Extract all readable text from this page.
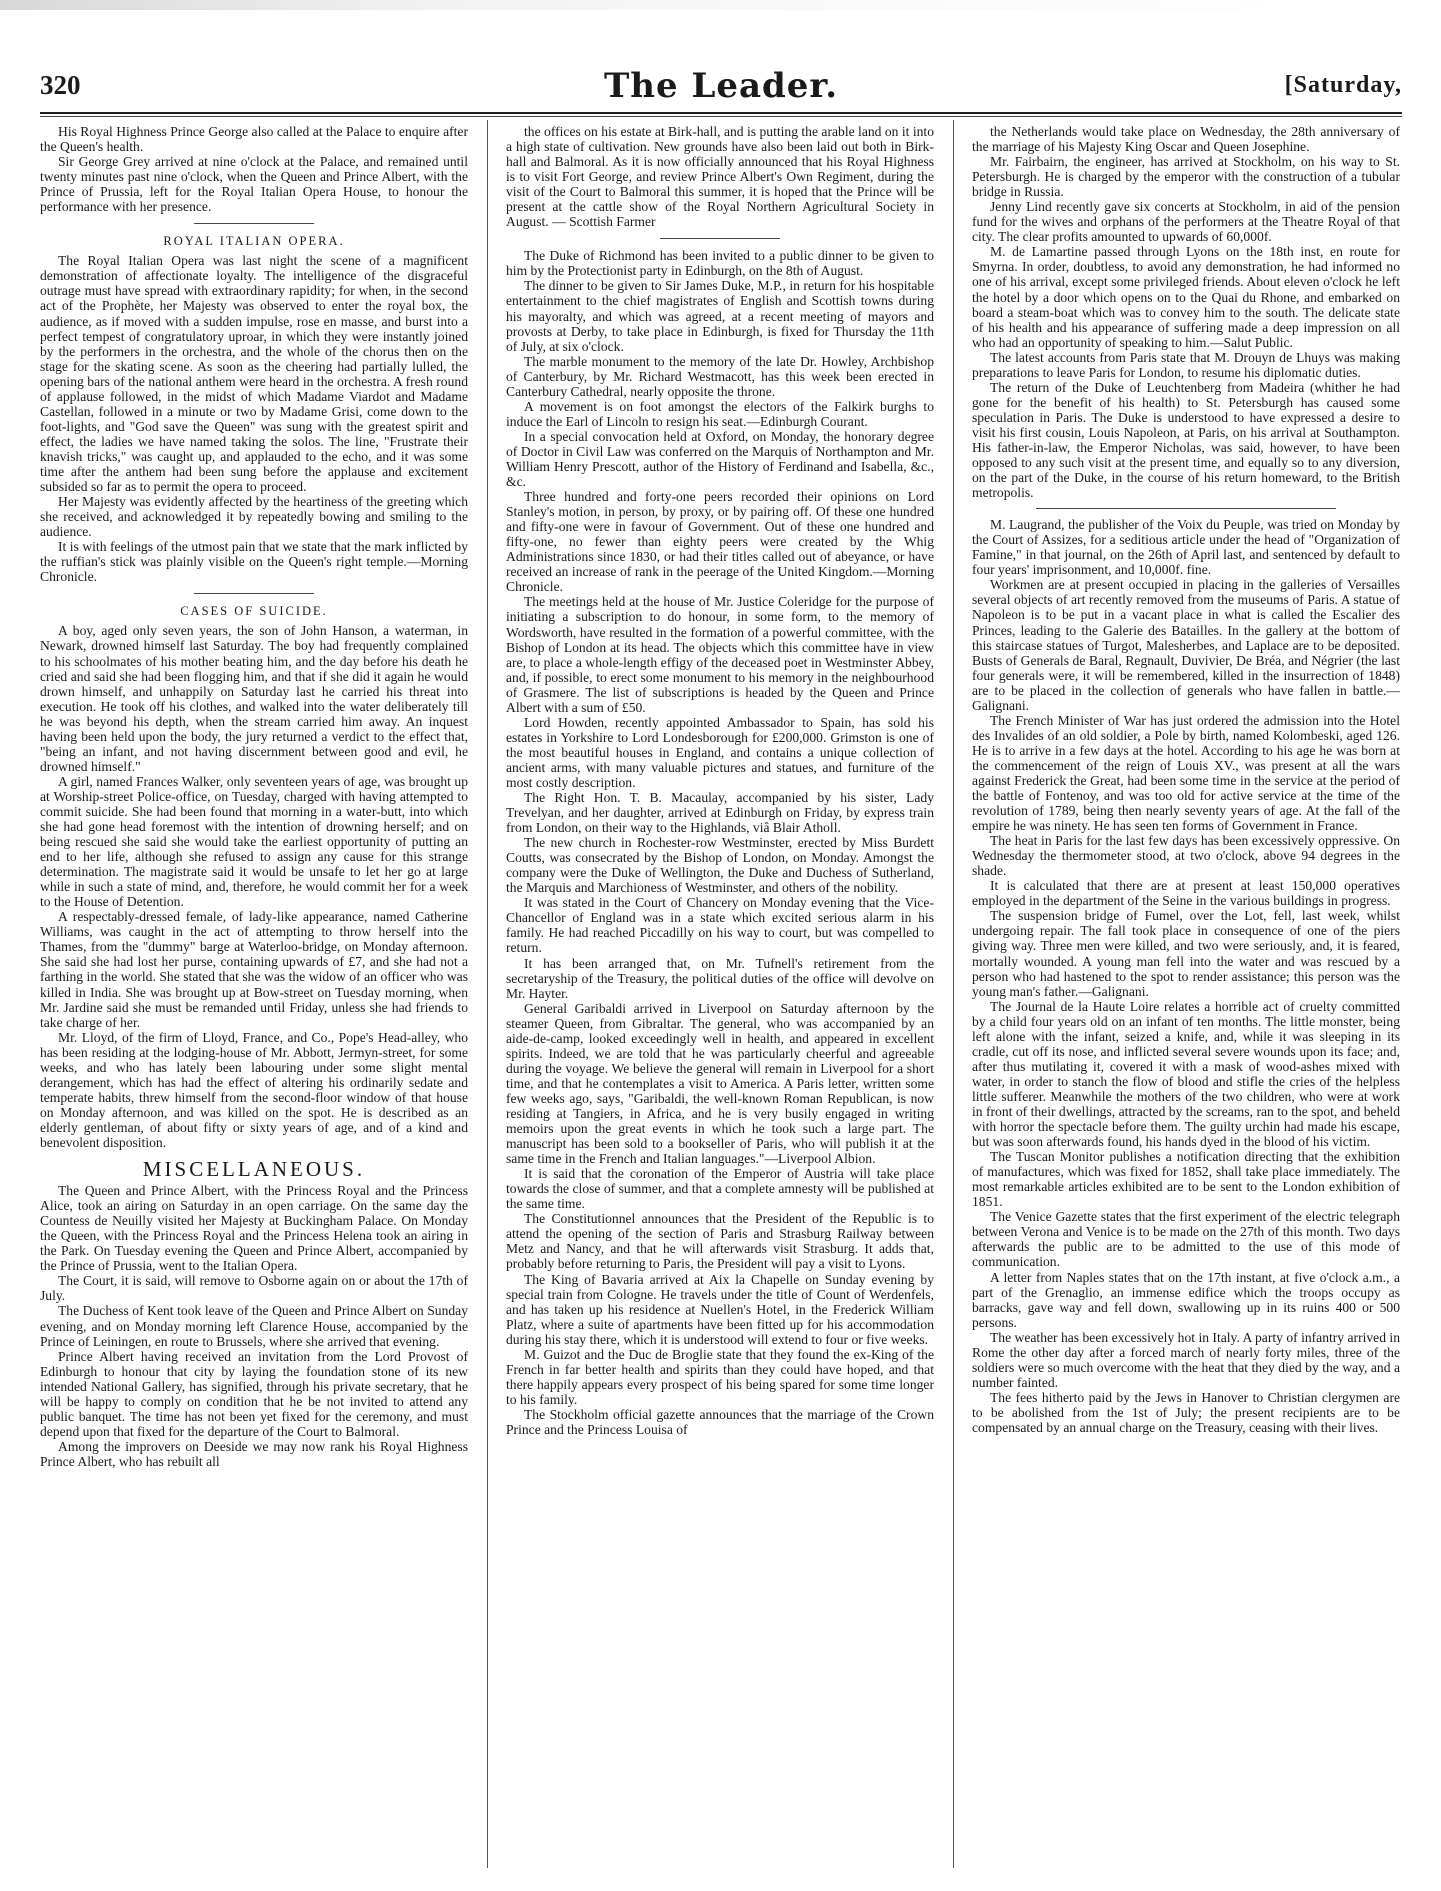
320	The Leader.	[Saturday,

His Royal Highness Prince George also called at the Palace to enquire after the Queen's health.

Sir George Grey arrived at nine o'clock at the Palace, and remained until twenty minutes past nine o'clock, when the Queen and Prince Albert, with the Prince of Prussia, left for the Royal Italian Opera House, to honour the performance with her presence.

ROYAL ITALIAN OPERA.

The Royal Italian Opera was last night the scene of a magnificent demonstration of affectionate loyalty. The intelligence of the disgraceful outrage must have spread with extraordinary rapidity; for when, in the second act of the Prophète, her Majesty was observed to enter the royal box, the audience, as if moved with a sudden impulse, rose en masse, and burst into a perfect tempest of congratulatory uproar, in which they were instantly joined by the performers in the orchestra, and the whole of the chorus then on the stage for the skating scene. As soon as the cheering had partially lulled, the opening bars of the national anthem were heard in the orchestra. A fresh round of applause followed, in the midst of which Madame Viardot and Madame Castellan, followed in a minute or two by Madame Grisi, come down to the foot-lights, and "God save the Queen" was sung with the greatest spirit and effect, the ladies we have named taking the solos. The line, "Frustrate their knavish tricks," was caught up, and applauded to the echo, and it was some time after the anthem had been sung before the applause and excitement subsided so far as to permit the opera to proceed.

Her Majesty was evidently affected by the heartiness of the greeting which she received, and acknowledged it by repeatedly bowing and smiling to the audience.

It is with feelings of the utmost pain that we state that the mark inflicted by the ruffian's stick was plainly visible on the Queen's right temple.—Morning Chronicle.

CASES OF SUICIDE.

A boy, aged only seven years, the son of John Hanson, a waterman, in Newark, drowned himself last Saturday. The boy had frequently complained to his schoolmates of his mother beating him, and the day before his death he cried and said she had been flogging him, and that if she did it again he would drown himself, and unhappily on Saturday last he carried his threat into execution. He took off his clothes, and walked into the water deliberately till he was beyond his depth, when the stream carried him away. An inquest having been held upon the body, the jury returned a verdict to the effect that, "being an infant, and not having discernment between good and evil, he drowned himself."

A girl, named Frances Walker, only seventeen years of age, was brought up at Worship-street Police-office, on Tuesday, charged with having attempted to commit suicide. She had been found that morning in a water-butt, into which she had gone head foremost with the intention of drowning herself; and on being rescued she said she would take the earliest opportunity of putting an end to her life, although she refused to assign any cause for this strange determination. The magistrate said it would be unsafe to let her go at large while in such a state of mind, and, therefore, he would commit her for a week to the House of Detention.

A respectably-dressed female, of lady-like appearance, named Catherine Williams, was caught in the act of attempting to throw herself into the Thames, from the "dummy" barge at Waterloo-bridge, on Monday afternoon. She said she had lost her purse, containing upwards of £7, and she had not a farthing in the world. She stated that she was the widow of an officer who was killed in India. She was brought up at Bow-street on Tuesday morning, when Mr. Jardine said she must be remanded until Friday, unless she had friends to take charge of her.

Mr. Lloyd, of the firm of Lloyd, France, and Co., Pope's Head-alley, who has been residing at the lodging-house of Mr. Abbott, Jermyn-street, for some weeks, and who has lately been labouring under some slight mental derangement, which has had the effect of altering his ordinarily sedate and temperate habits, threw himself from the second-floor window of that house on Monday afternoon, and was killed on the spot. He is described as an elderly gentleman, of about fifty or sixty years of age, and of a kind and benevolent disposition.

MISCELLANEOUS.

The Queen and Prince Albert, with the Princess Royal and the Princess Alice, took an airing on Saturday in an open carriage. On the same day the Countess de Neuilly visited her Majesty at Buckingham Palace. On Monday the Queen, with the Princess Royal and the Princess Helena took an airing in the Park. On Tuesday evening the Queen and Prince Albert, accompanied by the Prince of Prussia, went to the Italian Opera.

The Court, it is said, will remove to Osborne again on or about the 17th of July.

The Duchess of Kent took leave of the Queen and Prince Albert on Sunday evening, and on Monday morning left Clarence House, accompanied by the Prince of Leiningen, en route to Brussels, where she arrived that evening.

Prince Albert having received an invitation from the Lord Provost of Edinburgh to honour that city by laying the foundation stone of its new intended National Gallery, has signified, through his private secretary, that he will be happy to comply on condition that he be not invited to attend any public banquet. The time has not been yet fixed for the ceremony, and must depend upon that fixed for the departure of the Court to Balmoral.

Among the improvers on Deeside we may now rank his Royal Highness Prince Albert, who has rebuilt all

the offices on his estate at Birk-hall, and is putting the arable land on it into a high state of cultivation. New grounds have also been laid out both in Birk-hall and Balmoral. As it is now officially announced that his Royal Highness is to visit Fort George, and review Prince Albert's Own Regiment, during the visit of the Court to Balmoral this summer, it is hoped that the Prince will be present at the cattle show of the Royal Northern Agricultural Society in August. — Scottish Farmer

The Duke of Richmond has been invited to a public dinner to be given to him by the Protectionist party in Edinburgh, on the 8th of August.

The dinner to be given to Sir James Duke, M.P., in return for his hospitable entertainment to the chief magistrates of English and Scottish towns during his mayoralty, and which was agreed, at a recent meeting of mayors and provosts at Derby, to take place in Edinburgh, is fixed for Thursday the 11th of July, at six o'clock.

The marble monument to the memory of the late Dr. Howley, Archbishop of Canterbury, by Mr. Richard Westmacott, has this week been erected in Canterbury Cathedral, nearly opposite the throne.

A movement is on foot amongst the electors of the Falkirk burghs to induce the Earl of Lincoln to resign his seat.—Edinburgh Courant.

In a special convocation held at Oxford, on Monday, the honorary degree of Doctor in Civil Law was conferred on the Marquis of Northampton and Mr. William Henry Prescott, author of the History of Ferdinand and Isabella, &c., &c.

Three hundred and forty-one peers recorded their opinions on Lord Stanley's motion, in person, by proxy, or by pairing off. Of these one hundred and fifty-one were in favour of Government. Out of these one hundred and fifty-one, no fewer than eighty peers were created by the Whig Administrations since 1830, or had their titles called out of abeyance, or have received an increase of rank in the peerage of the United Kingdom.—Morning Chronicle.

The meetings held at the house of Mr. Justice Coleridge for the purpose of initiating a subscription to do honour, in some form, to the memory of Wordsworth, have resulted in the formation of a powerful committee, with the Bishop of London at its head. The objects which this committee have in view are, to place a whole-length effigy of the deceased poet in Westminster Abbey, and, if possible, to erect some monument to his memory in the neighbourhood of Grasmere. The list of subscriptions is headed by the Queen and Prince Albert with a sum of £50.

Lord Howden, recently appointed Ambassador to Spain, has sold his estates in Yorkshire to Lord Londesborough for £200,000. Grimston is one of the most beautiful houses in England, and contains a unique collection of ancient arms, with many valuable pictures and statues, and furniture of the most costly description.

The Right Hon. T. B. Macaulay, accompanied by his sister, Lady Trevelyan, and her daughter, arrived at Edinburgh on Friday, by express train from London, on their way to the Highlands, viâ Blair Atholl.

The new church in Rochester-row Westminster, erected by Miss Burdett Coutts, was consecrated by the Bishop of London, on Monday. Amongst the company were the Duke of Wellington, the Duke and Duchess of Sutherland, the Marquis and Marchioness of Westminster, and others of the nobility.

It was stated in the Court of Chancery on Monday evening that the Vice-Chancellor of England was in a state which excited serious alarm in his family. He had reached Piccadilly on his way to court, but was compelled to return.

It has been arranged that, on Mr. Tufnell's retirement from the secretaryship of the Treasury, the political duties of the office will devolve on Mr. Hayter.

General Garibaldi arrived in Liverpool on Saturday afternoon by the steamer Queen, from Gibraltar. The general, who was accompanied by an aide-de-camp, looked exceedingly well in health, and appeared in excellent spirits. Indeed, we are told that he was particularly cheerful and agreeable during the voyage. We believe the general will remain in Liverpool for a short time, and that he contemplates a visit to America. A Paris letter, written some few weeks ago, says, "Garibaldi, the well-known Roman Republican, is now residing at Tangiers, in Africa, and he is very busily engaged in writing memoirs upon the great events in which he took such a large part. The manuscript has been sold to a bookseller of Paris, who will publish it at the same time in the French and Italian languages."—Liverpool Albion.

It is said that the coronation of the Emperor of Austria will take place towards the close of summer, and that a complete amnesty will be published at the same time.

The Constitutionnel announces that the President of the Republic is to attend the opening of the section of Paris and Strasburg Railway between Metz and Nancy, and that he will afterwards visit Strasburg. It adds that, probably before returning to Paris, the President will pay a visit to Lyons.

The King of Bavaria arrived at Aix la Chapelle on Sunday evening by special train from Cologne. He travels under the title of Count of Werdenfels, and has taken up his residence at Nuellen's Hotel, in the Frederick William Platz, where a suite of apartments have been fitted up for his accommodation during his stay there, which it is understood will extend to four or five weeks.

M. Guizot and the Duc de Broglie state that they found the ex-King of the French in far better health and spirits than they could have hoped, and that there happily appears every prospect of his being spared for some time longer to his family.

The Stockholm official gazette announces that the marriage of the Crown Prince and the Princess Louisa of

the Netherlands would take place on Wednesday, the 28th anniversary of the marriage of his Majesty King Oscar and Queen Josephine.

Mr. Fairbairn, the engineer, has arrived at Stockholm, on his way to St. Petersburgh. He is charged by the emperor with the construction of a tubular bridge in Russia.

Jenny Lind recently gave six concerts at Stockholm, in aid of the pension fund for the wives and orphans of the performers at the Theatre Royal of that city. The clear profits amounted to upwards of 60,000f.

M. de Lamartine passed through Lyons on the 18th inst, en route for Smyrna. In order, doubtless, to avoid any demonstration, he had informed no one of his arrival, except some privileged friends. About eleven o'clock he left the hotel by a door which opens on to the Quai du Rhone, and embarked on board a steam-boat which was to convey him to the south. The delicate state of his health and his appearance of suffering made a deep impression on all who had an opportunity of speaking to him.—Salut Public.

The latest accounts from Paris state that M. Drouyn de Lhuys was making preparations to leave Paris for London, to resume his diplomatic duties.

The return of the Duke of Leuchtenberg from Madeira (whither he had gone for the benefit of his health) to St. Petersburgh has caused some speculation in Paris. The Duke is understood to have expressed a desire to visit his first cousin, Louis Napoleon, at Paris, on his arrival at Southampton. His father-in-law, the Emperor Nicholas, was said, however, to have been opposed to any such visit at the present time, and equally so to any diversion, on the part of the Duke, in the course of his return homeward, to the British metropolis.

M. Laugrand, the publisher of the Voix du Peuple, was tried on Monday by the Court of Assizes, for a seditious article under the head of "Organization of Famine," in that journal, on the 26th of April last, and sentenced by default to four years' imprisonment, and 10,000f. fine.

Workmen are at present occupied in placing in the galleries of Versailles several objects of art recently removed from the museums of Paris. A statue of Napoleon is to be put in a vacant place in what is called the Escalier des Princes, leading to the Galerie des Batailles. In the gallery at the bottom of this staircase statues of Turgot, Malesherbes, and Laplace are to be deposited. Busts of Generals de Baral, Regnault, Duvivier, De Bréa, and Négrier (the last four generals were, it will be remembered, killed in the insurrection of 1848) are to be placed in the collection of generals who have fallen in battle.—Galignani.

The French Minister of War has just ordered the admission into the Hotel des Invalides of an old soldier, a Pole by birth, named Kolombeski, aged 126. He is to arrive in a few days at the hotel. According to his age he was born at the commencement of the reign of Louis XV., was present at all the wars against Frederick the Great, had been some time in the service at the period of the battle of Fontenoy, and was too old for active service at the time of the revolution of 1789, being then nearly seventy years of age. At the fall of the empire he was ninety. He has seen ten forms of Government in France.

The heat in Paris for the last few days has been excessively oppressive. On Wednesday the thermometer stood, at two o'clock, above 94 degrees in the shade.

It is calculated that there are at present at least 150,000 operatives employed in the department of the Seine in the various buildings in progress.

The suspension bridge of Fumel, over the Lot, fell, last week, whilst undergoing repair. The fall took place in consequence of one of the piers giving way. Three men were killed, and two were seriously, and, it is feared, mortally wounded. A young man fell into the water and was rescued by a person who had hastened to the spot to render assistance; this person was the young man's father.—Galignani.

The Journal de la Haute Loire relates a horrible act of cruelty committed by a child four years old on an infant of ten months. The little monster, being left alone with the infant, seized a knife, and, while it was sleeping in its cradle, cut off its nose, and inflicted several severe wounds upon its face; and, after thus mutilating it, covered it with a mask of wood-ashes mixed with water, in order to stanch the flow of blood and stifle the cries of the helpless little sufferer. Meanwhile the mothers of the two children, who were at work in front of their dwellings, attracted by the screams, ran to the spot, and beheld with horror the spectacle before them. The guilty urchin had made his escape, but was soon afterwards found, his hands dyed in the blood of his victim.

The Tuscan Monitor publishes a notification directing that the exhibition of manufactures, which was fixed for 1852, shall take place immediately. The most remarkable articles exhibited are to be sent to the London exhibition of 1851.

The Venice Gazette states that the first experiment of the electric telegraph between Verona and Venice is to be made on the 27th of this month. Two days afterwards the public are to be admitted to the use of this mode of communication.

A letter from Naples states that on the 17th instant, at five o'clock a.m., a part of the Grenaglio, an immense edifice which the troops occupy as barracks, gave way and fell down, swallowing up in its ruins 400 or 500 persons.

The weather has been excessively hot in Italy. A party of infantry arrived in Rome the other day after a forced march of nearly forty miles, three of the soldiers were so much overcome with the heat that they died by the way, and a number fainted.

The fees hitherto paid by the Jews in Hanover to Christian clergymen are to be abolished from the 1st of July; the present recipients are to be compensated by an annual charge on the Treasury, ceasing with their lives.
